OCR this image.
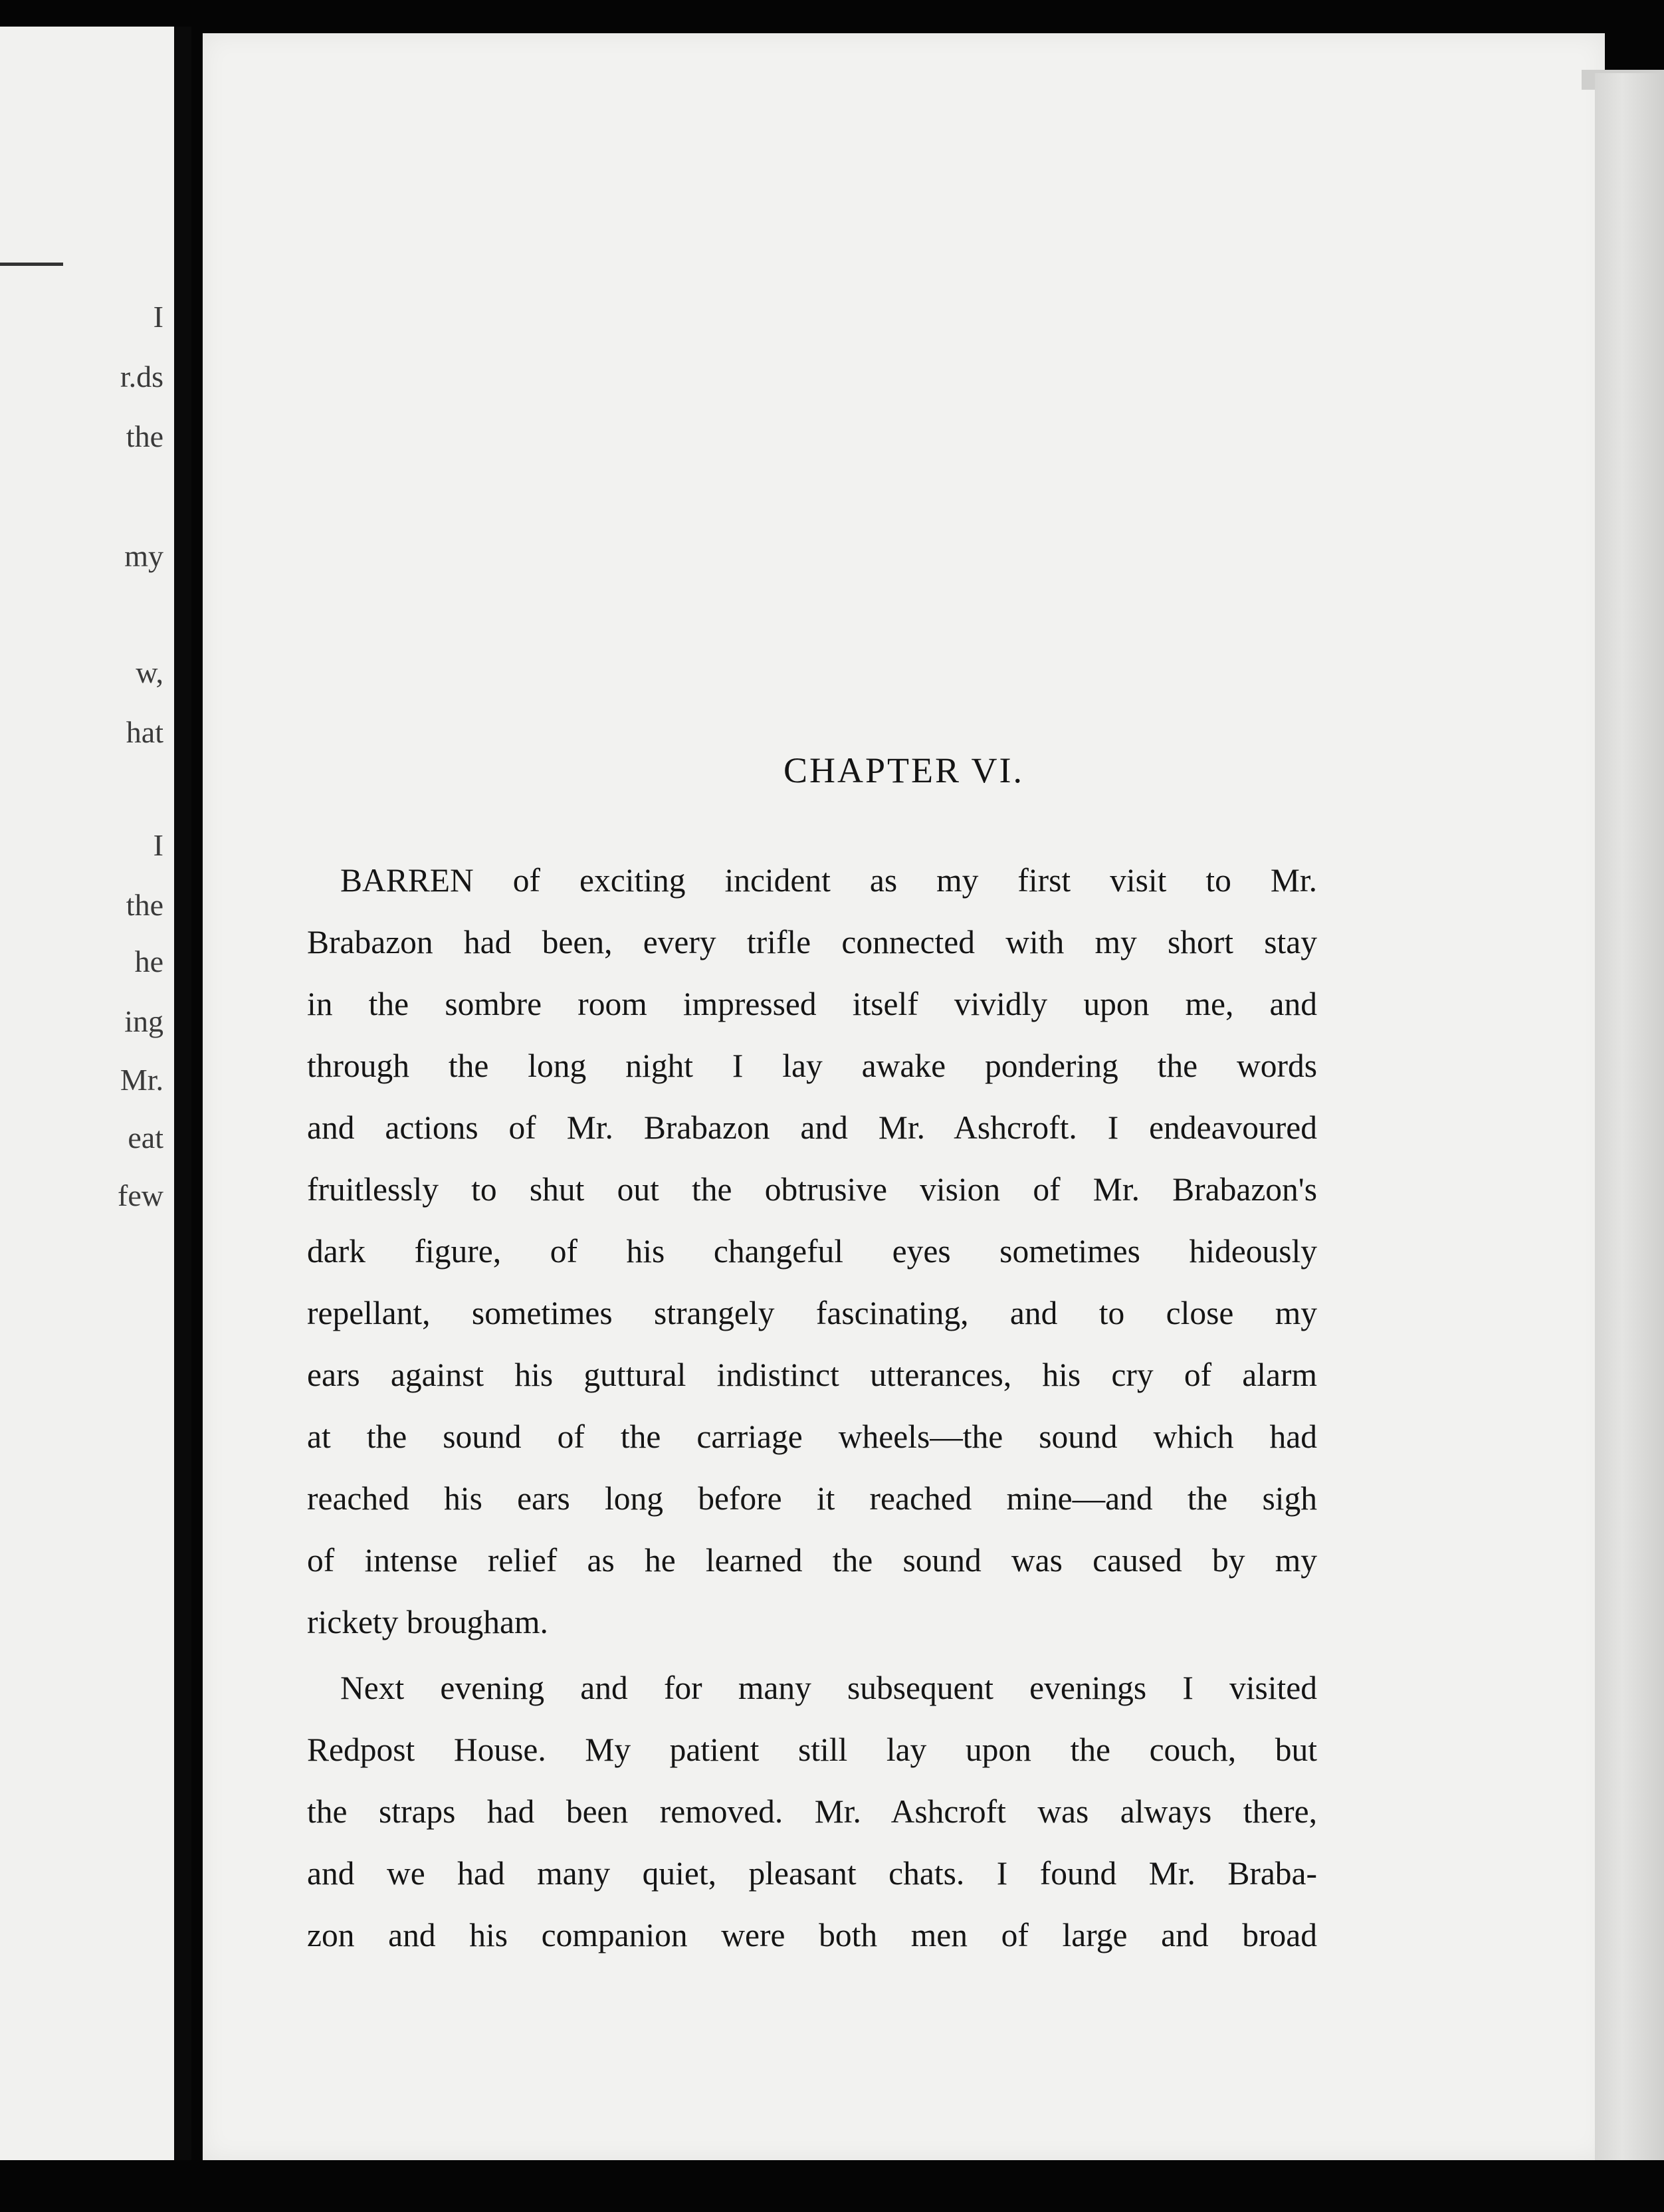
I
r.ds
the
my
w,
hat
I
the
he
ing
Mr.
eat
few
CHAPTER VI.
BARREN of exciting incident as my first visit to Mr.
Brabazon had been, every trifle connected with my short stay
in the sombre room impressed itself vividly upon me, and
through the long night I lay awake pondering the words
and actions of Mr. Brabazon and Mr. Ashcroft. I endeavoured
fruitlessly to shut out the obtrusive vision of Mr. Brabazon's
dark figure, of his changeful eyes sometimes hideously
repellant, sometimes strangely fascinating, and to close my
ears against his guttural indistinct utterances, his cry of alarm
at the sound of the carriage wheels—the sound which had
reached his ears long before it reached mine—and the sigh
of intense relief as he learned the sound was caused by my
rickety brougham.
Next evening and for many subsequent evenings I visited
Redpost House. My patient still lay upon the couch, but
the straps had been removed. Mr. Ashcroft was always there,
and we had many quiet, pleasant chats. I found Mr. Braba-
zon and his companion were both men of large and broad
